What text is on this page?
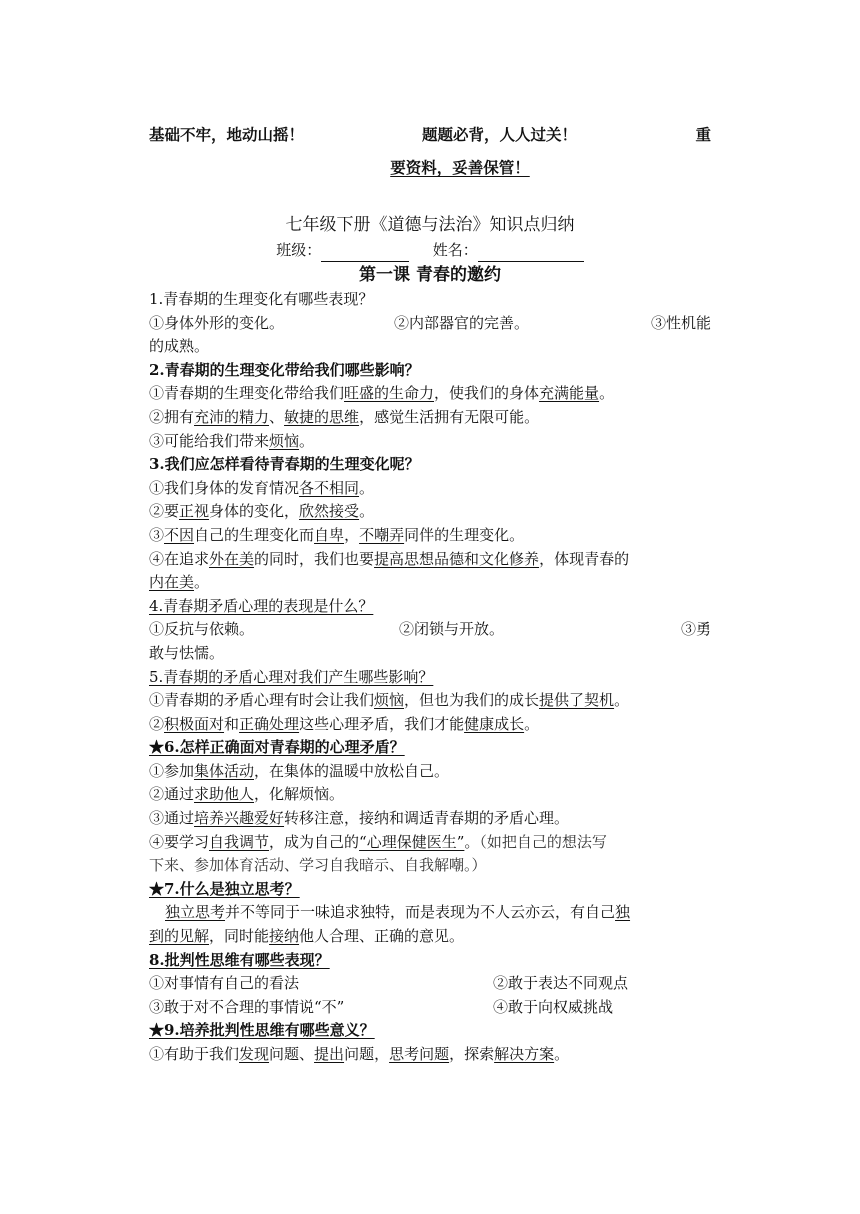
基础不牢，地动山摇！	题题必背，人人过关！	重
要资料，妥善保管！
七年级下册《道德与法治》知识点归纳
班级：	姓名：
第一课 青春的邀约
1.青春期的生理变化有哪些表现？
①身体外形的变化。	②内部器官的完善。	③性机能
的成熟。
2.青春期的生理变化带给我们哪些影响？
①青春期的生理变化带给我们旺盛的生命力，使我们的身体充满能量。
②拥有充沛的精力、敏捷的思维，感觉生活拥有无限可能。
③可能给我们带来烦恼。
3.我们应怎样看待青春期的生理变化呢？
①我们身体的发育情况各不相同。
②要正视身体的变化，欣然接受。
③不因自己的生理变化而自卑，不嘲弄同伴的生理变化。
④在追求外在美的同时，我们也要提高思想品德和文化修养，体现青春的
内在美。
4.青春期矛盾心理的表现是什么？
①反抗与依赖。	②闭锁与开放。	③勇
敢与怯懦。
5.青春期的矛盾心理对我们产生哪些影响？
①青春期的矛盾心理有时会让我们烦恼，但也为我们的成长提供了契机。
②积极面对和正确处理这些心理矛盾，我们才能健康成长。
★6.怎样正确面对青春期的心理矛盾？
①参加集体活动，在集体的温暖中放松自己。
②通过求助他人，化解烦恼。
③通过培养兴趣爱好转移注意，接纳和调适青春期的矛盾心理。
④要学习自我调节，成为自己的“心理保健医生”。（如把自己的想法写
下来、参加体育活动、学习自我暗示、自我解嘲。）
★7.什么是独立思考？
独立思考并不等同于一味追求独特，而是表现为不人云亦云，有自己独
到的见解，同时能接纳他人合理、正确的意见。
8.批判性思维有哪些表现？
①对事情有自己的看法	②敢于表达不同观点
③敢于对不合理的事情说“不”	④敢于向权威挑战
★9.培养批判性思维有哪些意义？
①有助于我们发现问题、提出问题，思考问题，探索解决方案。
